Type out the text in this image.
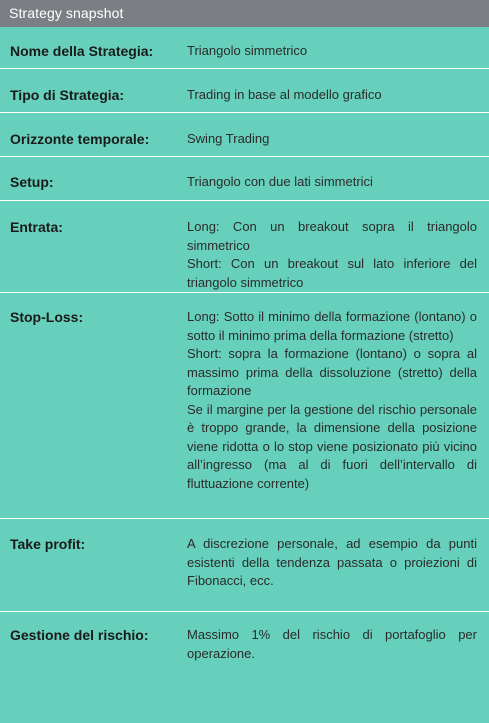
Strategy snapshot
Nome della Strategia:	Triangolo simmetrico

Tipo di Strategia:	Trading in base al modello grafico

Orizzonte temporale:	Swing Trading

Setup:	Triangolo con due lati simmetrici

Entrata:	Long: Con un breakout sopra il triangolo simmetrico

Short: Con un breakout sul lato inferiore del triangolo simmetrico

Stop-Loss:	Long: Sotto il minimo della formazione (lontano) o sotto il minimo prima della formazione (stretto)

Short: sopra la formazione (lontano) o sopra al massimo prima della dissoluzione (stretto) della formazione

Se il margine per la gestione del rischio personale è troppo grande, la dimensione della posizione viene ridotta o lo stop viene posizionato più vicino all’ingresso (ma al di fuori dell’intervallo di fluttuazione corrente)

Take profit:	A discrezione personale, ad esempio da punti esistenti della tendenza passata o proiezioni di Fibonacci, ecc.

Gestione del rischio:	Massimo 1% del rischio di portafoglio per operazione.
